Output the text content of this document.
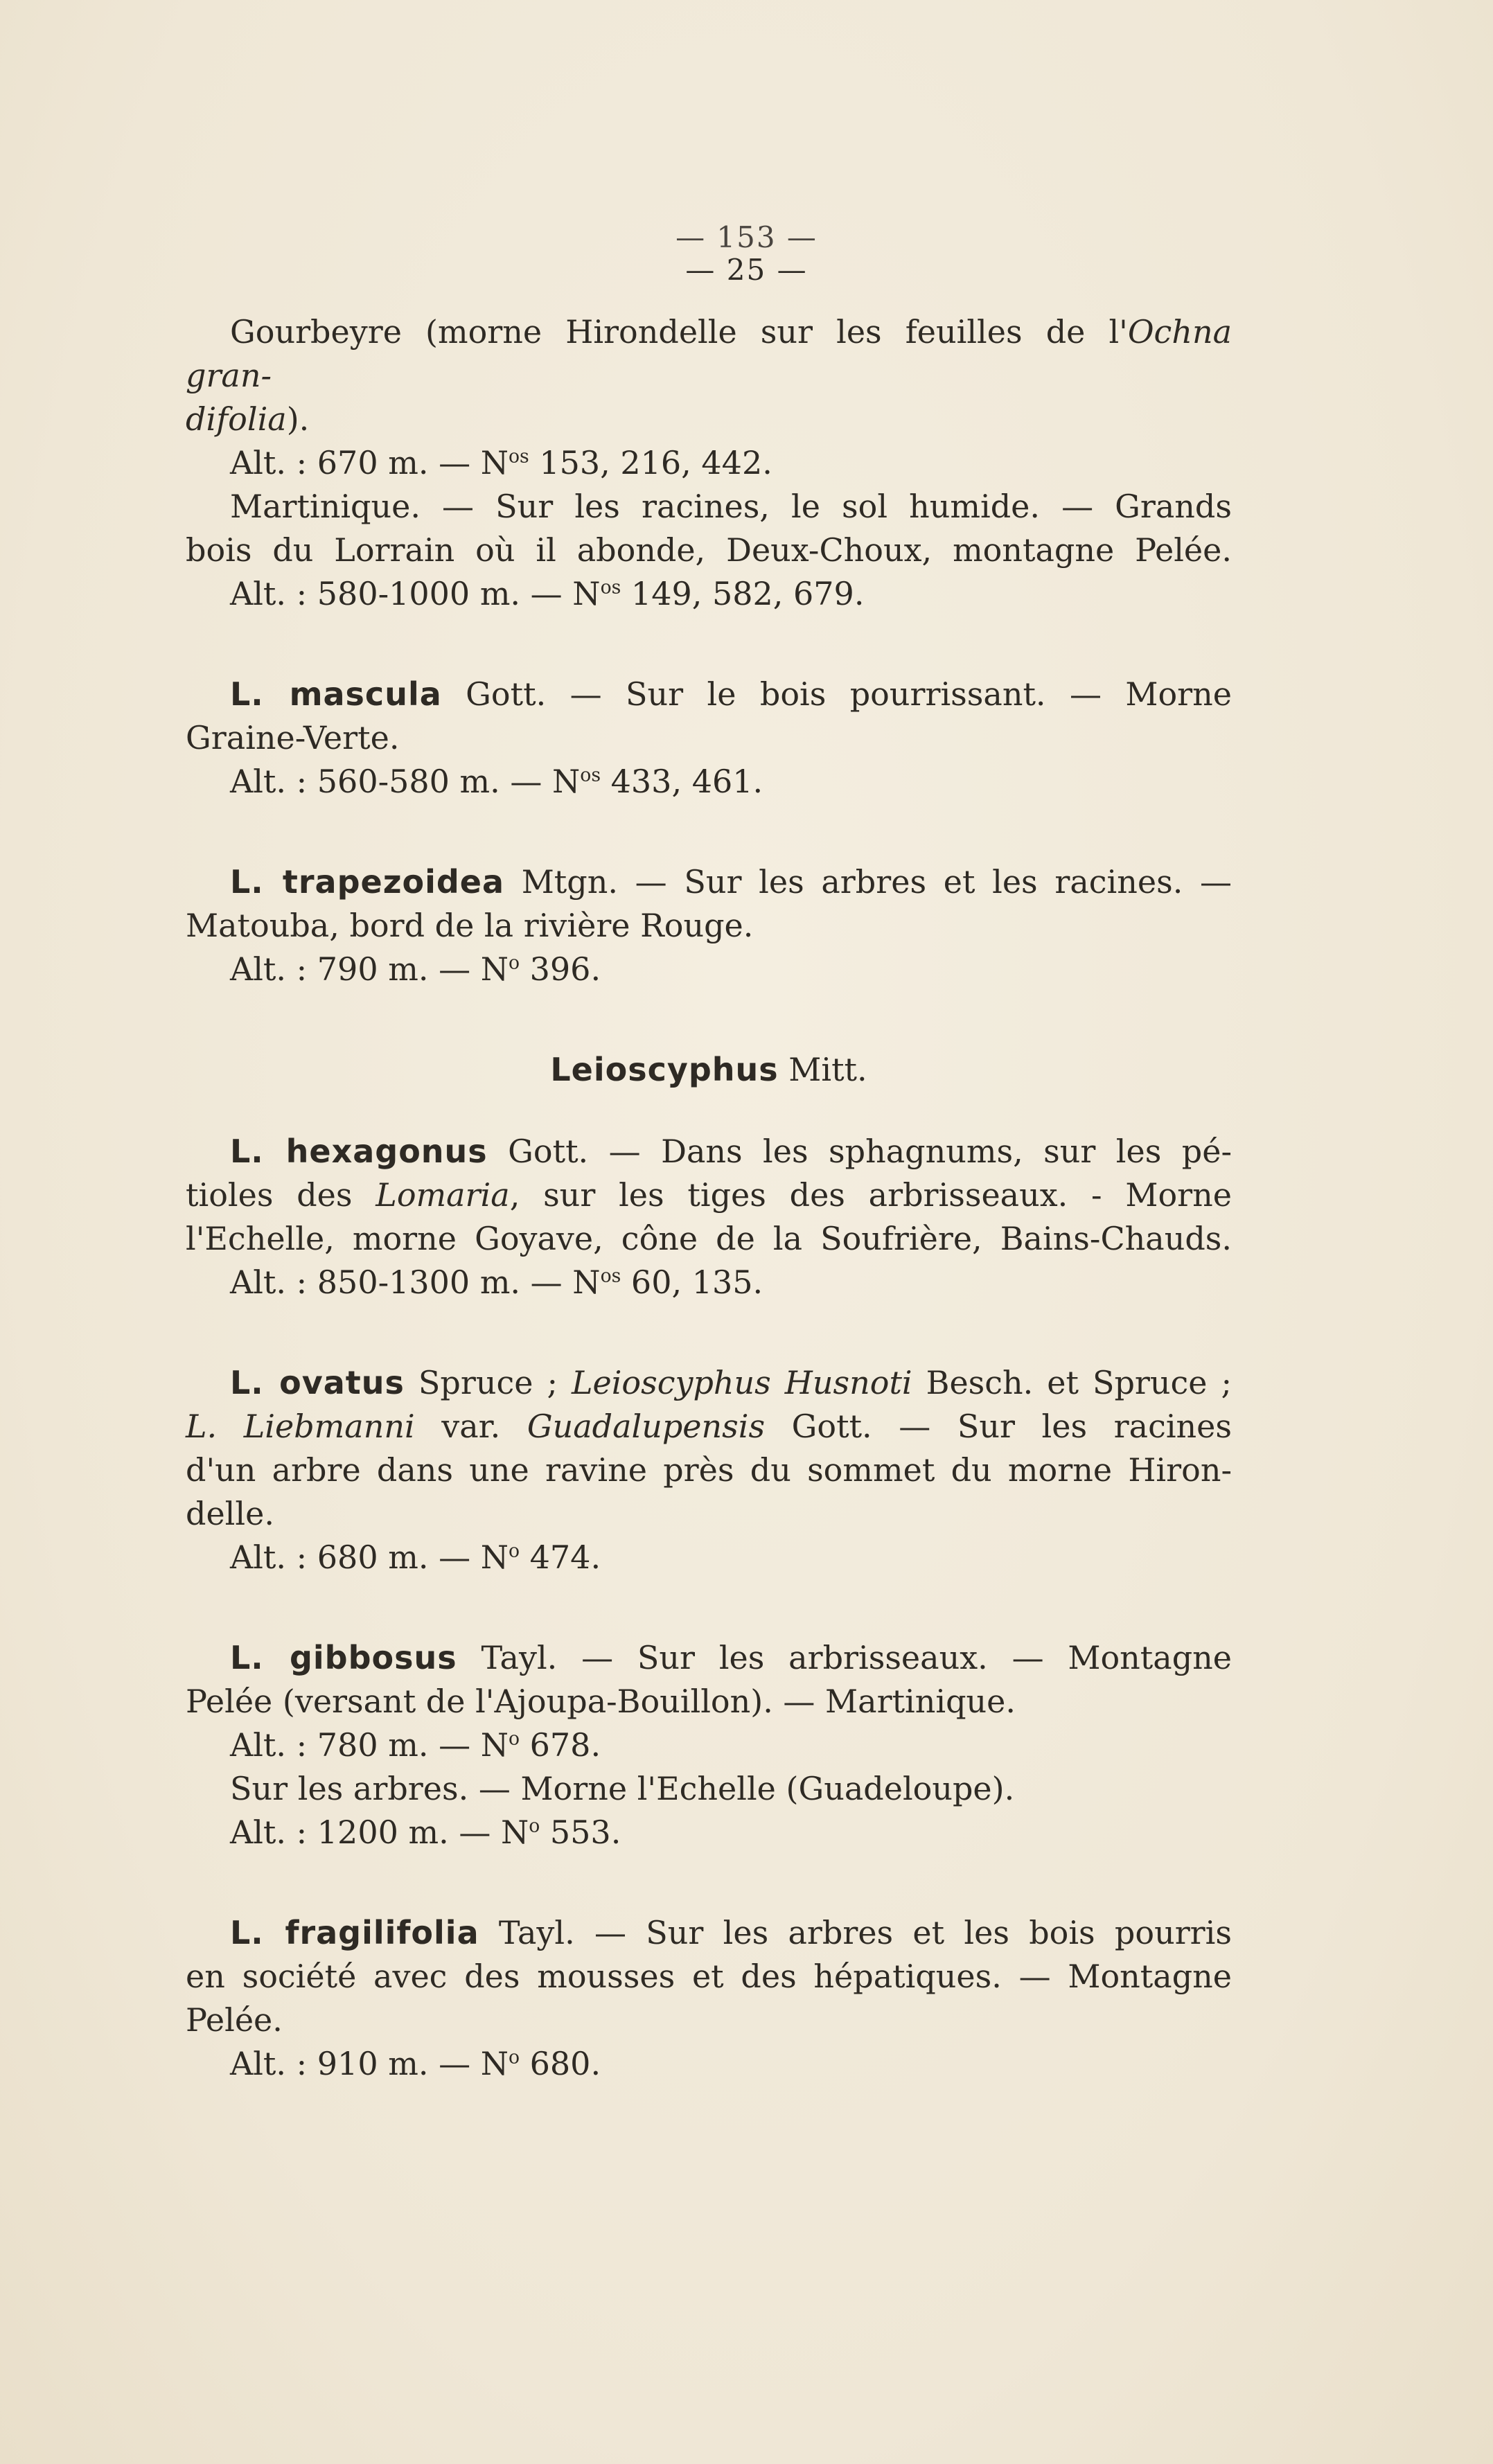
— 153 —
— 25 —
Gourbeyre (morne Hirondelle sur les feuilles de l'Ochna gran-
difolia).
Alt. : 670 m. — $N^{os}$ 153, 216, 442.
Martinique. — Sur les racines, le sol humide. — Grands
bois du Lorrain où il abonde, Deux-Choux, montagne Pelée.
Alt. : 580-1000 m. — $N^{os}$ 149, 582, 679.
L. mascula Gott. — Sur le bois pourrissant. — Morne
Graine-Verte.
Alt. : 560-580 m. — $N^{os}$ 433, 461.
L. trapezoidea Mtgn. — Sur les arbres et les racines. —
Matouba, bord de la rivière Rouge.
Alt. : 790 m. — $N^o$ 396.
Leioscyphus Mitt.
L. hexagonus Gott. — Dans les sphagnums, sur les pé-
tioles des Lomaria, sur les tiges des arbrisseaux. - Morne
l'Echelle, morne Goyave, cône de la Soufrière, Bains-Chauds.
Alt. : 850-1300 m. — $N^{os}$ 60, 135.
L. ovatus Spruce ; Leioscyphus Husnoti Besch. et Spruce ;
L. Liebmanni var. Guadalupensis Gott. — Sur les racines
d'un arbre dans une ravine près du sommet du morne Hiron-
delle.
Alt. : 680 m. — $N^o$ 474.
L. gibbosus Tayl. — Sur les arbrisseaux. — Montagne
Pelée (versant de l'Ajoupa-Bouillon). — Martinique.
Alt. : 780 m. — $N^o$ 678.
Sur les arbres. — Morne l'Echelle (Guadeloupe).
Alt. : 1200 m. — $N^o$ 553.
L. fragilifolia Tayl. — Sur les arbres et les bois pourris
en société avec des mousses et des hépatiques. — Montagne
Pelée.
Alt. : 910 m. — $N^o$ 680.
